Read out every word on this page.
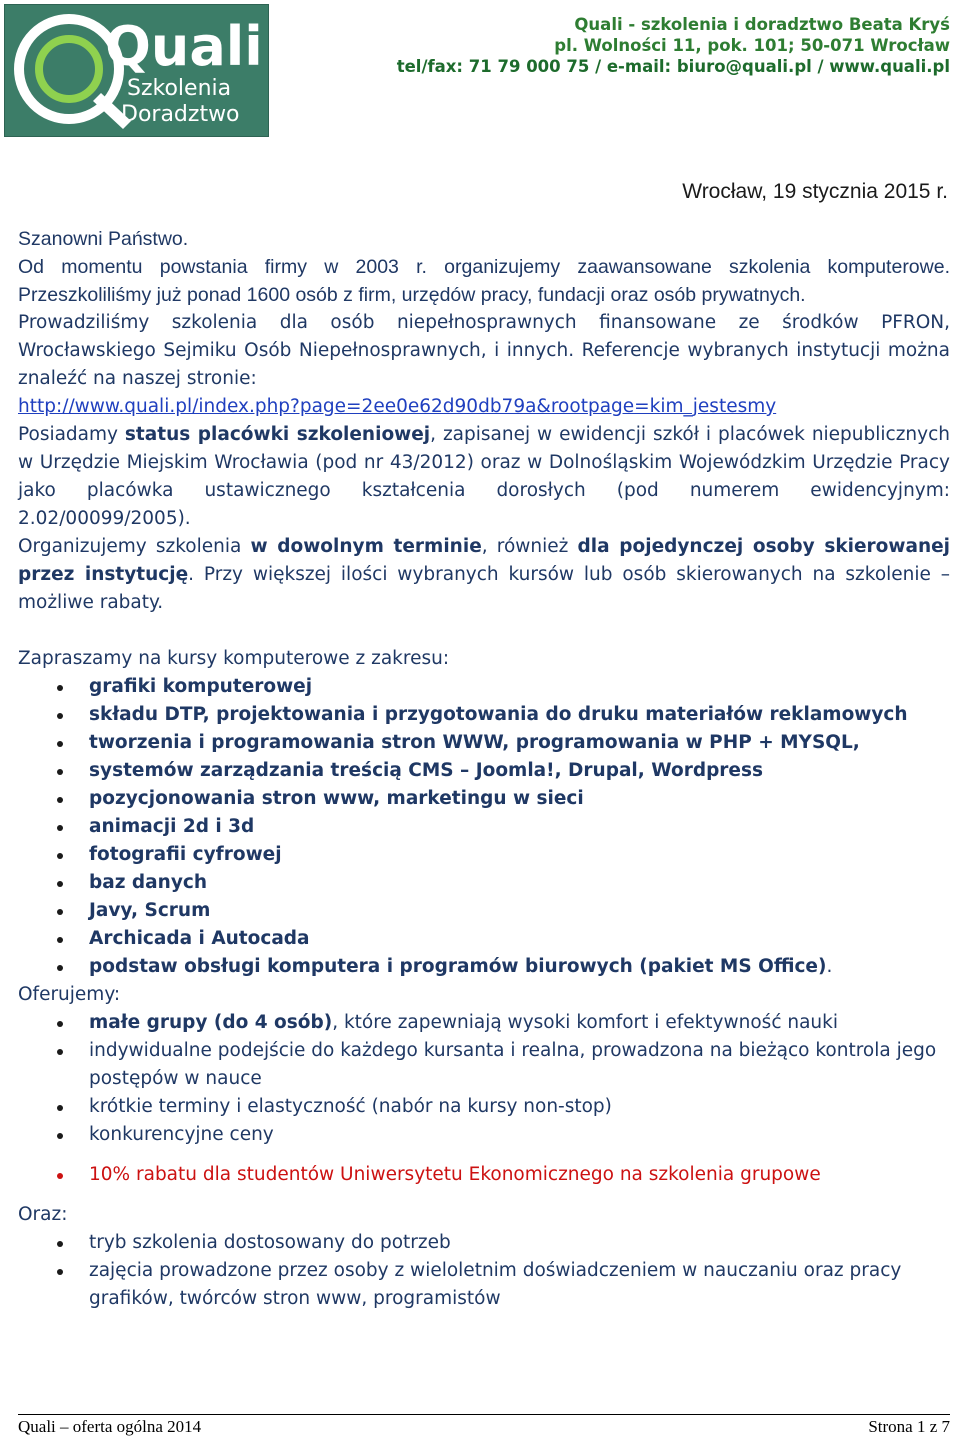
Quali
Szkolenia
Doradztwo
Quali - szkolenia i doradztwo Beata Kryś
pl. Wolności 11, pok. 101; 50-071 Wrocław
tel/fax: 71 79 000 75 / e-mail: biuro@quali.pl / www.quali.pl
Wrocław, 19 stycznia 2015 r.

Szanowni Państwo.

Od momentu powstania firmy w 2003 r. organizujemy zaawansowane szkolenia komputerowe. Przeszkoliliśmy już ponad 1600 osób z firm, urzędów pracy, fundacji oraz osób prywatnych.

Prowadziliśmy szkolenia dla osób niepełnosprawnych finansowane ze środków PFRON, Wrocławskiego Sejmiku Osób Niepełnosprawnych, i innych. Referencje wybranych instytucji można znaleźć na naszej stronie:

http://www.quali.pl/index.php?page=2ee0e62d90db79a&rootpage=kim_jestesmy

Posiadamy status placówki szkoleniowej, zapisanej w ewidencji szkół i placówek niepublicznych w Urzędzie Miejskim Wrocławia (pod nr 43/2012) oraz w Dolnośląskim Wojewódzkim Urzędzie Pracy jako placówka ustawicznego kształcenia dorosłych (pod numerem ewidencyjnym: 2.02/00099/2005).

Organizujemy szkolenia w dowolnym terminie, również dla pojedynczej osoby skierowanej przez instytucję. Przy większej ilości wybranych kursów lub osób skierowanych na szkolenie – możliwe rabaty.

Zapraszamy na kursy komputerowe z zakresu:

grafiki komputerowej
składu DTP, projektowania i przygotowania do druku materiałów reklamowych
tworzenia i programowania stron WWW, programowania w PHP + MYSQL,
systemów zarządzania treścią CMS – Joomla!, Drupal, Wordpress
pozycjonowania stron www, marketingu w sieci
animacji 2d i 3d
fotografii cyfrowej
baz danych
Javy, Scrum
Archicada i Autocada
podstaw obsługi komputera i programów biurowych (pakiet MS Office).

Oferujemy:

małe grupy (do 4 osób), które zapewniają wysoki komfort i efektywność nauki
indywidualne podejście do każdego kursanta i realna, prowadzona na bieżąco kontrola jego postępów w nauce
krótkie terminy i elastyczność (nabór na kursy non-stop)
konkurencyjne ceny
10% rabatu dla studentów Uniwersytetu Ekonomicznego na szkolenia grupowe

Oraz:

tryb szkolenia dostosowany do potrzeb
zajęcia prowadzone przez osoby z wieloletnim doświadczeniem w nauczaniu oraz pracy grafików, twórców stron www, programistów
Quali – oferta ogólna 2014	Strona 1 z 7
